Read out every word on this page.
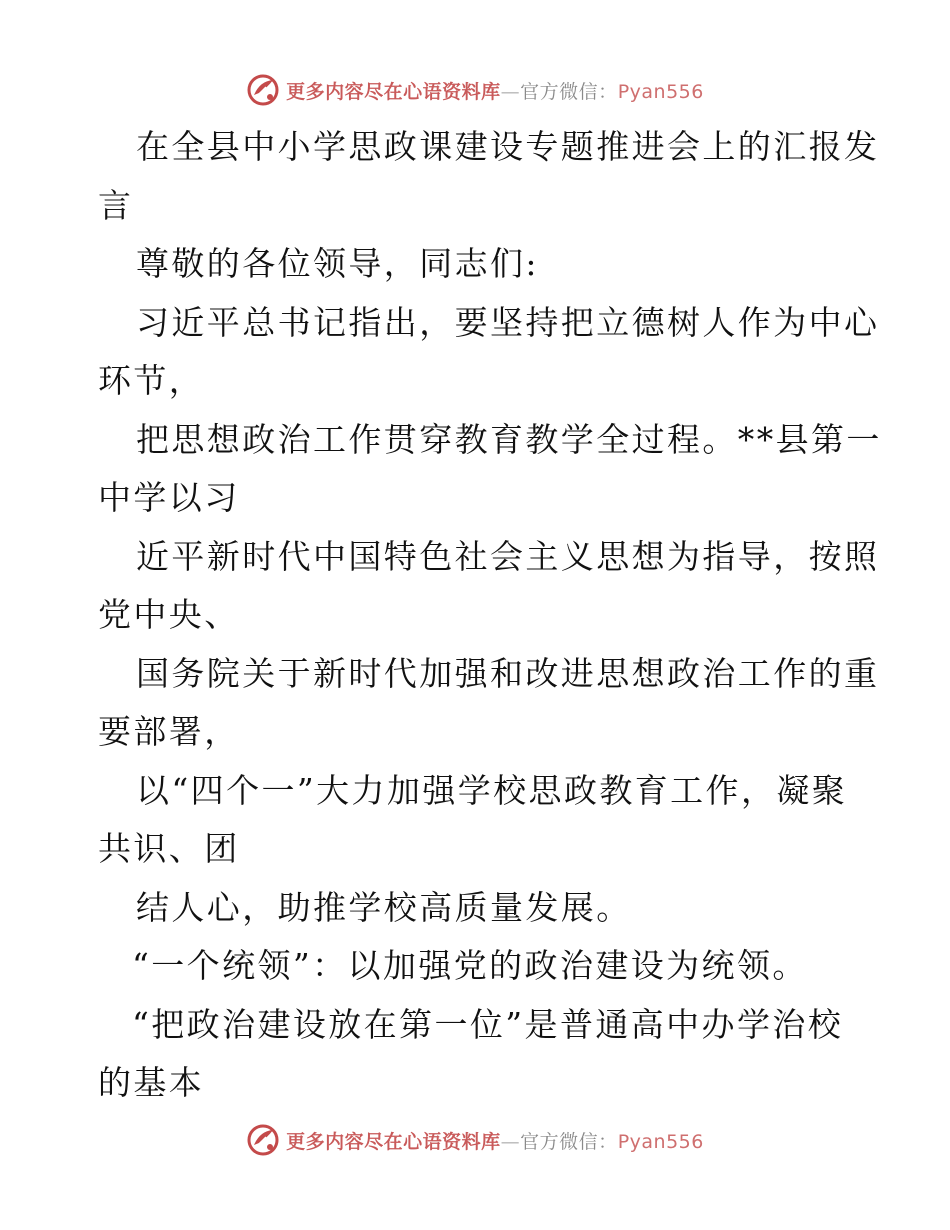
更多内容尽在心语资料库—官方微信：Pyan556
在全县中小学思政课建设专题推进会上的汇报发
言
尊敬的各位领导，同志们:
习近平总书记指出，要坚持把立德树人作为中心
环节，
把思想政治工作贯穿教育教学全过程。**县第一
中学以习
近平新时代中国特色社会主义思想为指导，按照
党中央、
国务院关于新时代加强和改进思想政治工作的重
要部署，
以“四个一”大力加强学校思政教育工作，凝聚
共识、团
结人心，助推学校高质量发展。
“一个统领”：以加强党的政治建设为统领。
“把政治建设放在第一位”是普通高中办学治校
的基本
更多内容尽在心语资料库—官方微信：Pyan556
